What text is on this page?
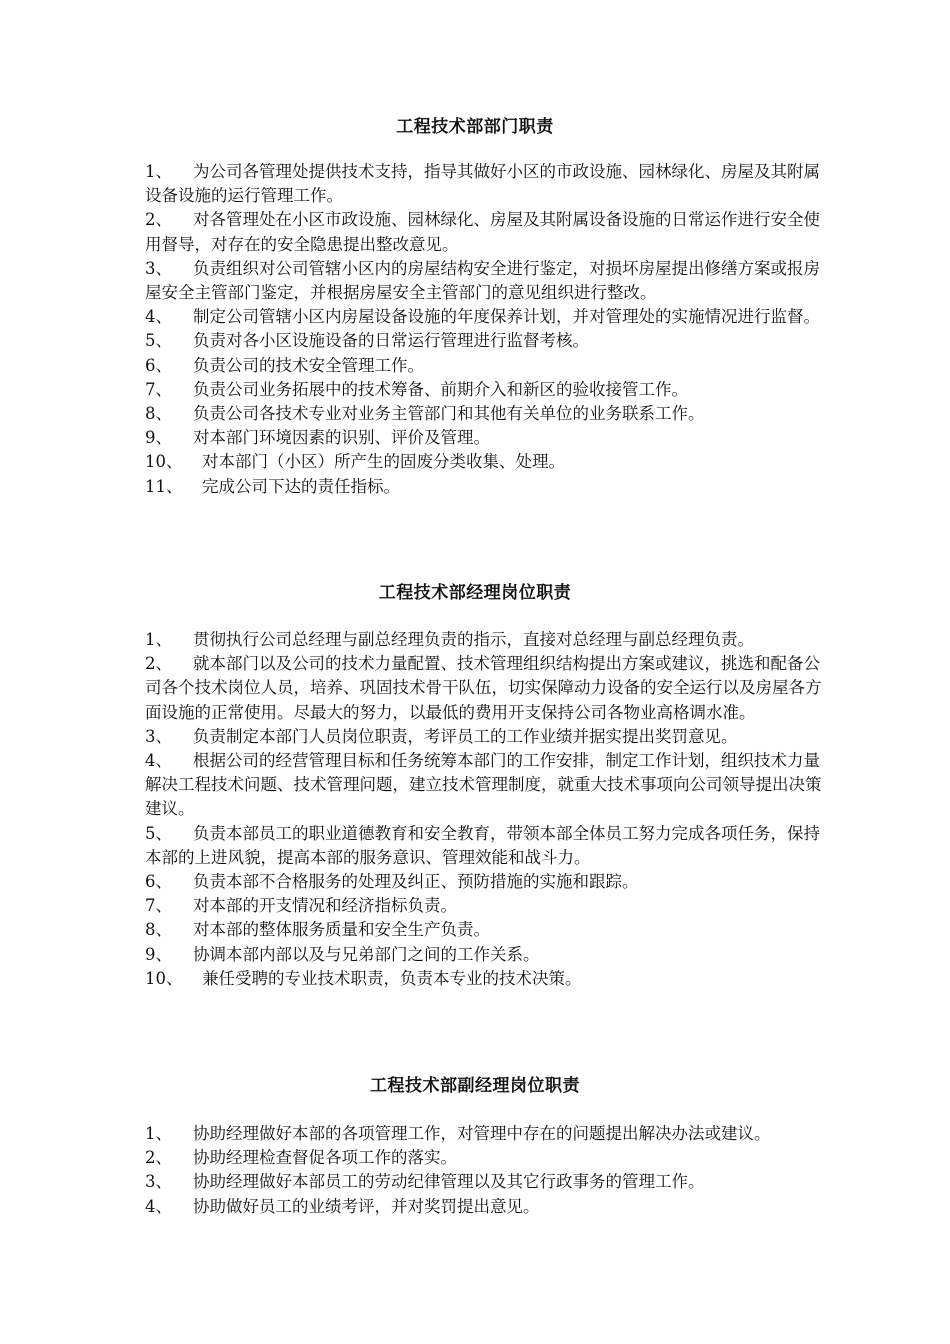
工程技术部部门职责
1、 为公司各管理处提供技术支持，指导其做好小区的市政设施、园林绿化、房屋及其附属设备设施的运行管理工作。
2、 对各管理处在小区市政设施、园林绿化、房屋及其附属设备设施的日常运作进行安全使用督导，对存在的安全隐患提出整改意见。
3、 负责组织对公司管辖小区内的房屋结构安全进行鉴定，对损坏房屋提出修缮方案或报房屋安全主管部门鉴定，并根据房屋安全主管部门的意见组织进行整改。
4、 制定公司管辖小区内房屋设备设施的年度保养计划，并对管理处的实施情况进行监督。
5、 负责对各小区设施设备的日常运行管理进行监督考核。
6、 负责公司的技术安全管理工作。
7、 负责公司业务拓展中的技术筹备、前期介入和新区的验收接管工作。
8、 负责公司各技术专业对业务主管部门和其他有关单位的业务联系工作。
9、 对本部门环境因素的识别、评价及管理。
10、 对本部门（小区）所产生的固废分类收集、处理。
11、 完成公司下达的责任指标。
工程技术部经理岗位职责
1、 贯彻执行公司总经理与副总经理负责的指示，直接对总经理与副总经理负责。
2、 就本部门以及公司的技术力量配置、技术管理组织结构提出方案或建议，挑选和配备公司各个技术岗位人员，培养、巩固技术骨干队伍，切实保障动力设备的安全运行以及房屋各方面设施的正常使用。尽最大的努力，以最低的费用开支保持公司各物业高格调水准。
3、 负责制定本部门人员岗位职责，考评员工的工作业绩并据实提出奖罚意见。
4、 根据公司的经营管理目标和任务统筹本部门的工作安排，制定工作计划，组织技术力量解决工程技术问题、技术管理问题，建立技术管理制度，就重大技术事项向公司领导提出决策建议。
5、 负责本部员工的职业道德教育和安全教育，带领本部全体员工努力完成各项任务，保持本部的上进风貌，提高本部的服务意识、管理效能和战斗力。
6、 负责本部不合格服务的处理及纠正、预防措施的实施和跟踪。
7、 对本部的开支情况和经济指标负责。
8、 对本部的整体服务质量和安全生产负责。
9、 协调本部内部以及与兄弟部门之间的工作关系。
10、 兼任受聘的专业技术职责，负责本专业的技术决策。
工程技术部副经理岗位职责
1、 协助经理做好本部的各项管理工作，对管理中存在的问题提出解决办法或建议。
2、 协助经理检查督促各项工作的落实。
3、 协助经理做好本部员工的劳动纪律管理以及其它行政事务的管理工作。
4、 协助做好员工的业绩考评，并对奖罚提出意见。
